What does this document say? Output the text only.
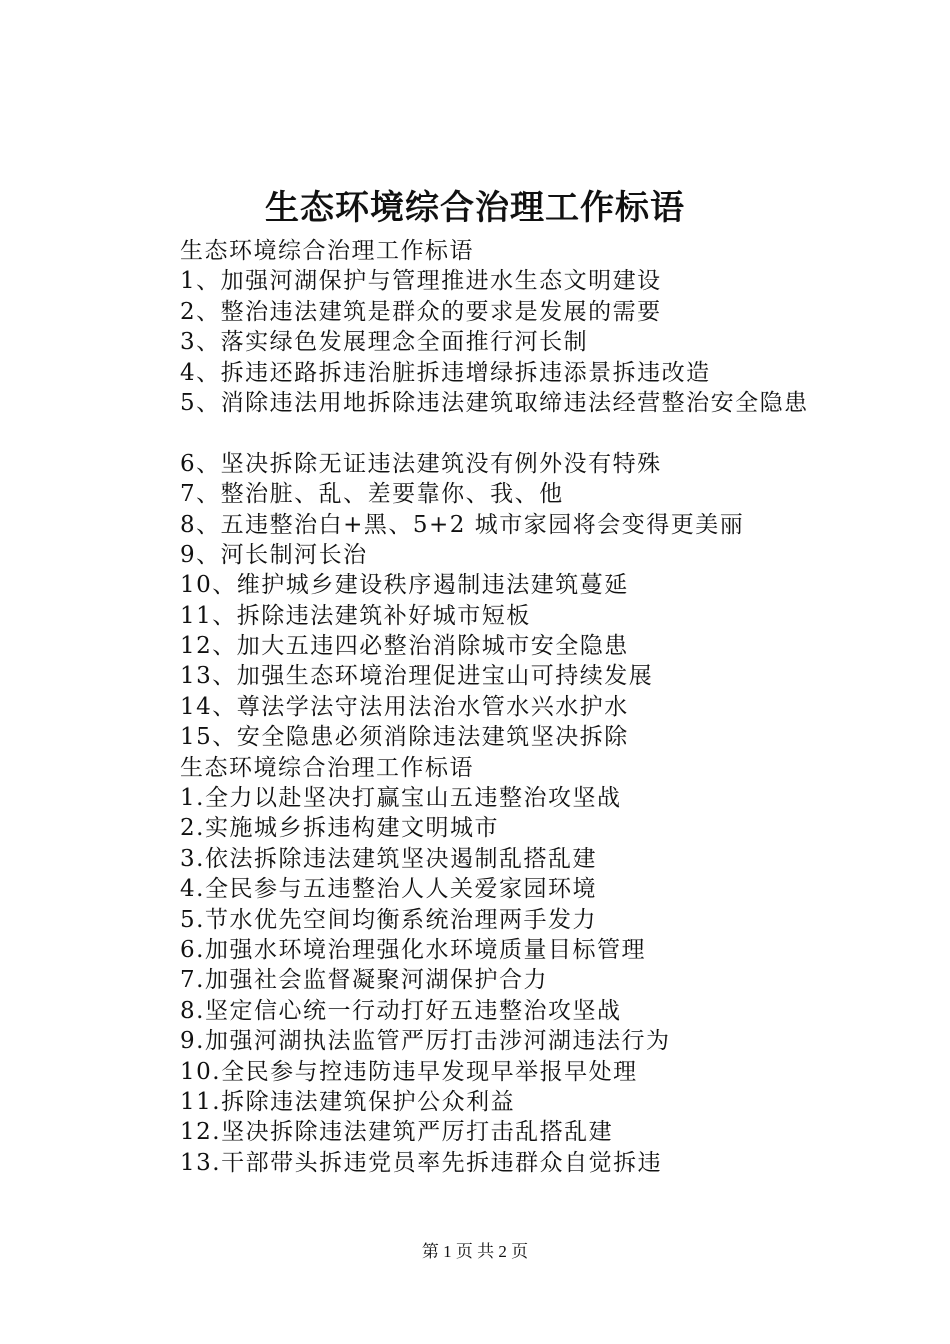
生态环境综合治理工作标语
生态环境综合治理工作标语
1、加强河湖保护与管理推进水生态文明建设
2、整治违法建筑是群众的要求是发展的需要
3、落实绿色发展理念全面推行河长制
4、拆违还路拆违治脏拆违增绿拆违添景拆违改造
5、消除违法用地拆除违法建筑取缔违法经营整治安全隐患
6、坚决拆除无证违法建筑没有例外没有特殊
7、整治脏、乱、差要靠你、我、他
8、五违整治白+黑、5+2 城市家园将会变得更美丽
9、河长制河长治
10、维护城乡建设秩序遏制违法建筑蔓延
11、拆除违法建筑补好城市短板
12、加大五违四必整治消除城市安全隐患
13、加强生态环境治理促进宝山可持续发展
14、尊法学法守法用法治水管水兴水护水
15、安全隐患必须消除违法建筑坚决拆除
生态环境综合治理工作标语
1.全力以赴坚决打赢宝山五违整治攻坚战
2.实施城乡拆违构建文明城市
3.依法拆除违法建筑坚决遏制乱搭乱建
4.全民参与五违整治人人关爱家园环境
5.节水优先空间均衡系统治理两手发力
6.加强水环境治理强化水环境质量目标管理
7.加强社会监督凝聚河湖保护合力
8.坚定信心统一行动打好五违整治攻坚战
9.加强河湖执法监管严厉打击涉河湖违法行为
10.全民参与控违防违早发现早举报早处理
11.拆除违法建筑保护公众利益
12.坚决拆除违法建筑严厉打击乱搭乱建
13.干部带头拆违党员率先拆违群众自觉拆违
第 1 页 共 2 页
